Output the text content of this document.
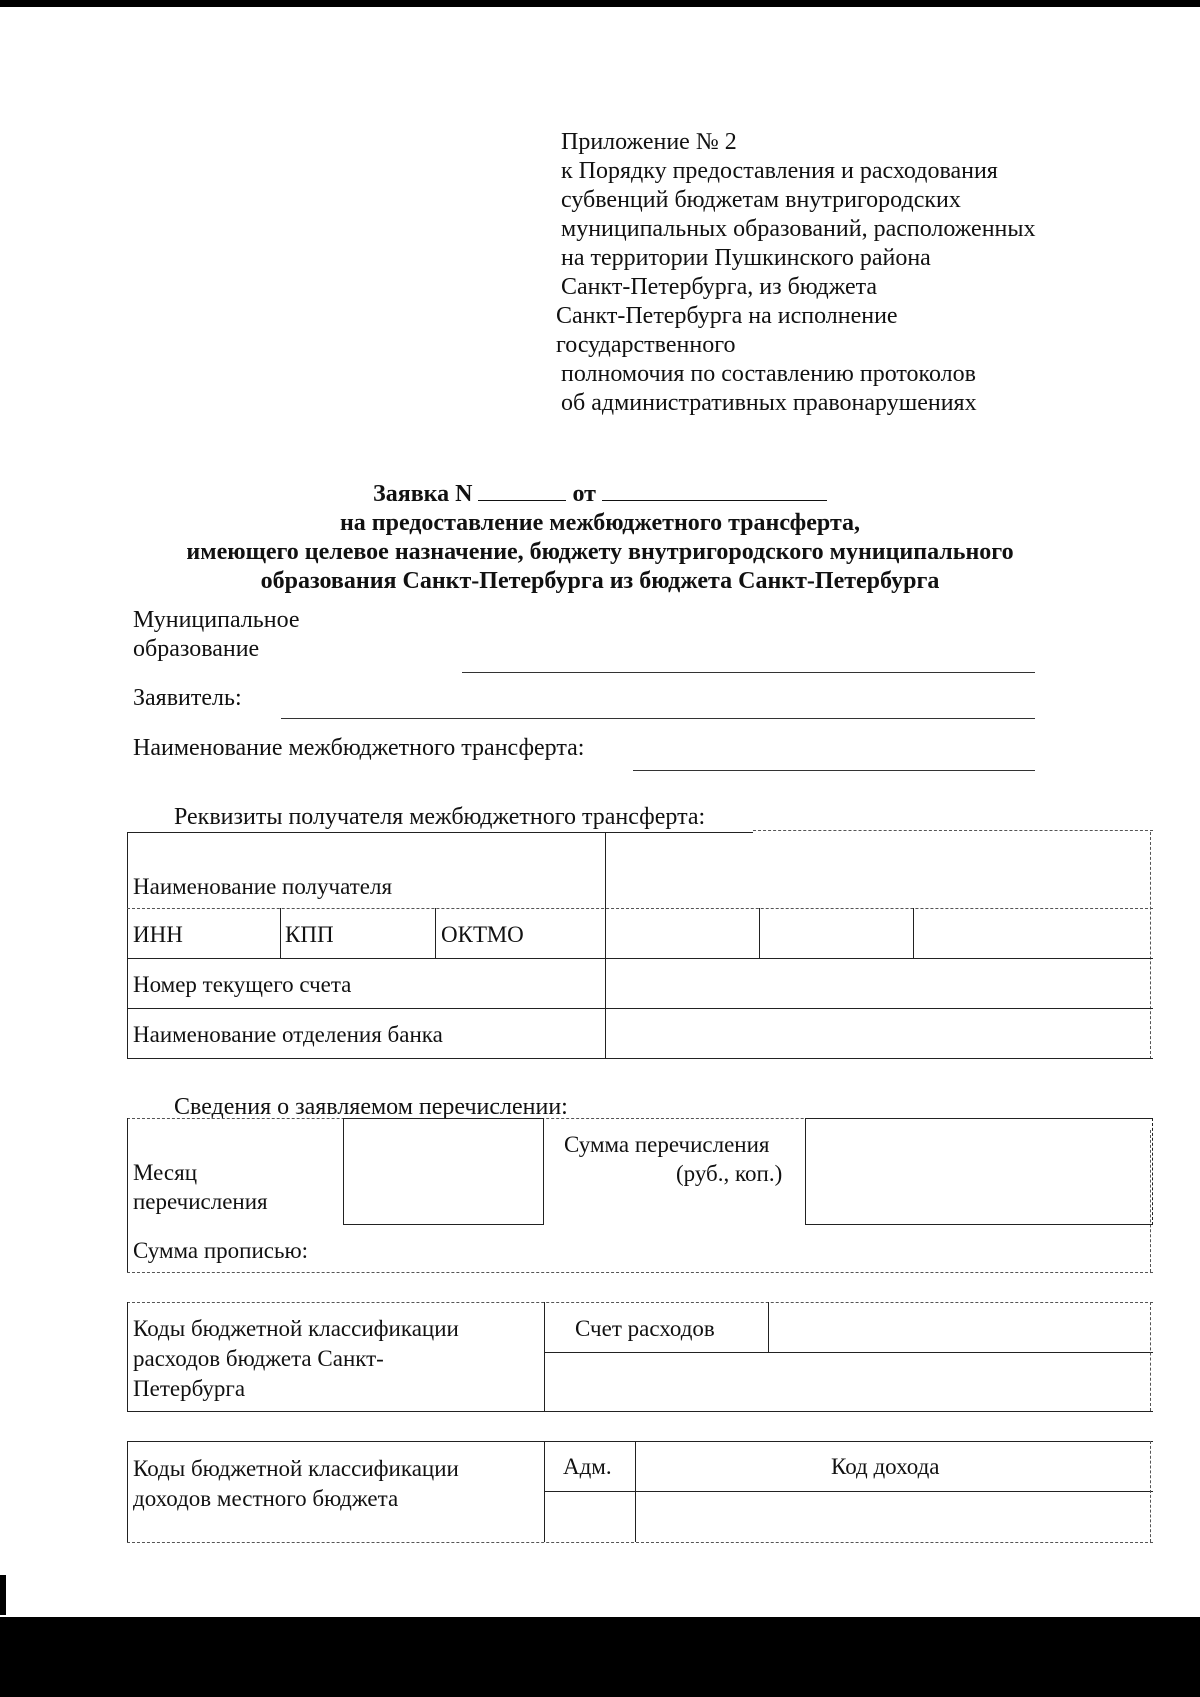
Приложение № 2
к Порядку предоставления и расходования
субвенций бюджетам внутригородских
муниципальных образований, расположенных
на территории Пушкинского района
Санкт-Петербурга, из бюджета
Санкт-Петербурга на исполнение
государственного
полномочия по составлению протоколов
об административных правонарушениях
Заявка N	от
на предоставление межбюджетного трансферта,
имеющего целевое назначение, бюджету внутригородского муниципального
образования Санкт-Петербурга из бюджета Санкт-Петербурга
Муниципальное
образование
Заявитель:
Наименование межбюджетного трансферта:
Реквизиты получателя межбюджетного трансферта:
Наименование получателя
ИНН	КПП	ОКТМО
Номер текущего счета
Наименование отделения банка
Сведения о заявляемом перечислении:
Месяц
перечисления
Сумма перечисления
(руб., коп.)
Сумма прописью:
Коды бюджетной классификации
расходов бюджета Санкт-
Петербурга
Счет расходов
Коды бюджетной классификации
доходов местного бюджета
Адм.	Код дохода
